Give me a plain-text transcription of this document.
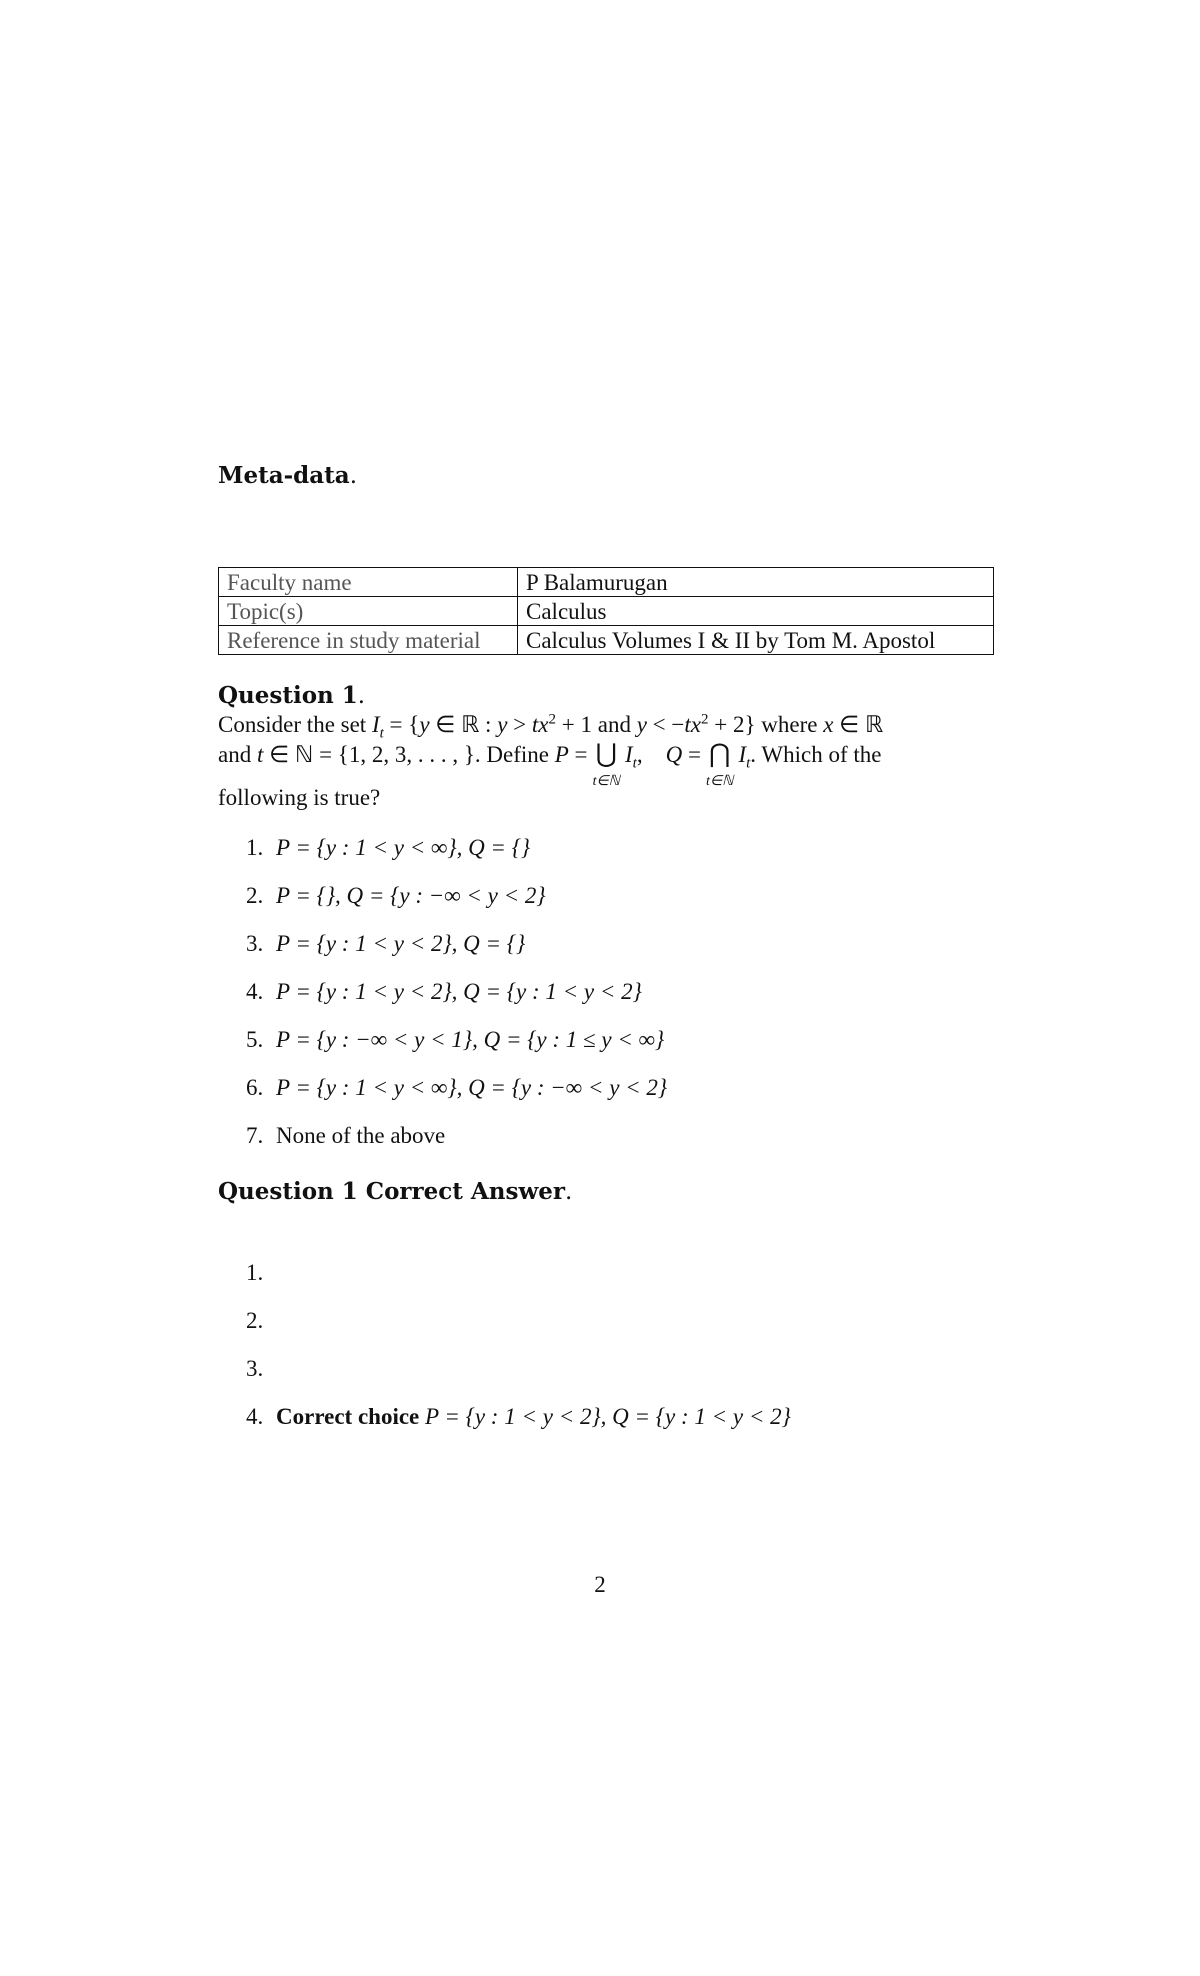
Meta-data.
Faculty name	P Balamurugan
Topic(s)	Calculus
Reference in study material	Calculus Volumes I & II by Tom M. Apostol
Question 1.
Consider the set $I_t = \{y$ ∈ ℝ : $y > tx^2 + 1$ and $y < -tx^2 + 2$} where x ∈ ℝ
and t ∈ ℕ = {1, 2, 3, . . . , }. Define P = ⋃
t∈ℕ
$I_t$,    Q = ⋂
t∈ℕ
$I_t$. Which of the
following is true?
1. P = {y : 1 < y < ∞}, Q = {}
2. P = {}, Q = {y : −∞ < y < 2}
3. P = {y : 1 < y < 2}, Q = {}
4. P = {y : 1 < y < 2}, Q = {y : 1 < y < 2}
5. P = {y : −∞ < y < 1}, Q = {y : 1 ≤ y < ∞}
6. P = {y : 1 < y < ∞}, Q = {y : −∞ < y < 2}
7. None of the above
Question 1 Correct Answer.
1.
2.
3.
4. Correct choice P = {y : 1 < y < 2}, Q = {y : 1 < y < 2}
2
